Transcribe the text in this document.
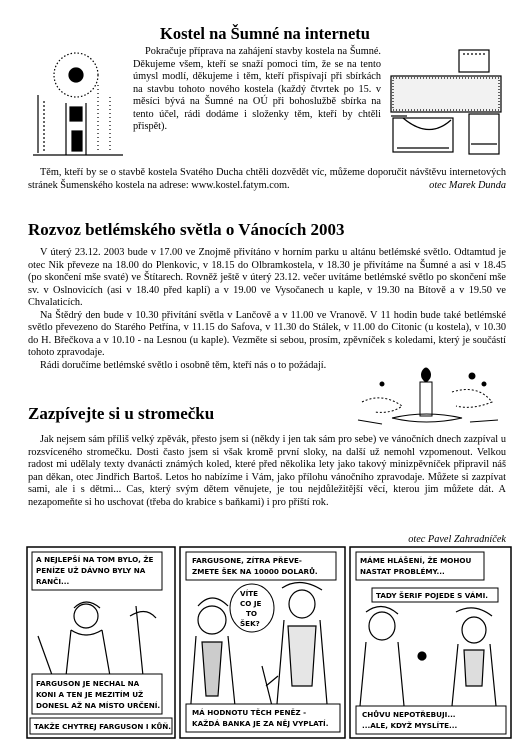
Kostel na Šumné na internetu

Pokračuje příprava na zahájení stavby kostela na Šumné. Děkujeme všem, kteří se snaží pomoci tím, že se na tento úmysl modlí, děkujeme i těm, kteří přispívají při sbírkách na stavbu tohoto nového kostela (každý čtvrtek po 15. v měsíci bývá na Šumné na OÚ při bohoslužbě sbírka na tento účel, rádi dodáme i složenky těm, kteří by chtěli přispět).

Těm, kteří by se o stavbě kostela Svatého Ducha chtěli dozvědět víc, můžeme doporučit návštěvu internetových stránek Šumenského kostela na adrese: www.kostel.fatym.com.	otec Marek Dunda

Rozvoz betlémského světla o Vánocích 2003

V úterý 23.12. 2003 bude v 17.00 ve Znojmě přivítáno v horním parku u altánu betlémské světlo. Odtamtud je otec Nik převeze na 18.00 do Plenkovic, v 18.15 do Olbramkostela, v 18.30 je přivítáme na Šumné a asi v 18.45 (po skončení mše svaté) ve Štítarech. Rovněž ještě v úterý 23.12. večer uvítáme betlémské světlo po skončení mše sv. v Oslnovicích (asi v 18.40 před kaplí) a v 19.00 ve Vysočanech u kaple, v 19.30 na Bítově a v 19.50 ve Chvalaticích.

Na Štědrý den bude v 10.30 přivítání světla v Lančově a v 11.00 ve Vranově. V 11 hodin bude také betlémské světlo převezeno do Starého Petřína, v 11.15 do Safova, v 11.30 do Stálek, v 11.00 do Citonic (u kostela), v 10.30 do H. Břečkova a v 10.10 - na Lesnou (u kaple). Vezměte si sebou, prosím, zpěvníček s koledami, který je součástí tohoto zpravodaje.

Rádi doručíme betlémské světlo i osobně těm, kteří nás o to požádají.

Zazpívejte si u stromečku

Jak nejsem sám příliš velký zpěvák, přesto jsem si (někdy i jen tak sám pro sebe) ve vánočních dnech zazpíval u rozsvíceného stromečku. Dosti často jsem si však kromě první sloky, na další už nemohl vzpomenout. Velkou radost mi udělaly texty dvanácti známých koled, které před několika lety jako takový minizpěvníček připravil náš pan děkan, otec Jindřich Bartoš. Letos ho nabízíme i Vám, jako přílohu vánočního zpravodaje. Můžete si zazpívat sami, ale i s dětmi... Cas, který svým dětem věnujete, je tou nejdůležitější věcí, kterou jim můžete dát. A nezapomeňte si ho uschovat (třeba do krabice s baňkami) i pro příští rok.

otec Pavel Zahradníček
A NEJLEPŠÍ NA TOM BYLO, ŽE
PENÍZE UŽ DÁVNO BYLY NA
RANČI...
FARGUSON JE NECHAL NA
KONI A TEN JE MEZITÍM UŽ
DONESL AŽ NA MÍSTO URČENÍ.
TAKŽE CHYTREJ FARGUSON I KŮŇ.
FARGUSONE, ZÍTRA PŘEVE-
ZMETE ŠEK NA 10000 DOLARŮ.
VÍTE
CO JE
TO
ŠEK?
MÁ HODNOTU TĚCH PENĚZ -
KAŽDÁ BANKA JE ZA NĚJ VYPLATÍ.
MÁME HLÁŠENÍ, ŽE MOHOU
NASTAT PROBLÉMY...
TADY ŠERIF POJEDE S VÁMI.
CHŮVU NEPOTŘEBUJI...
...ALE, KDYŽ MYSLÍTE...
